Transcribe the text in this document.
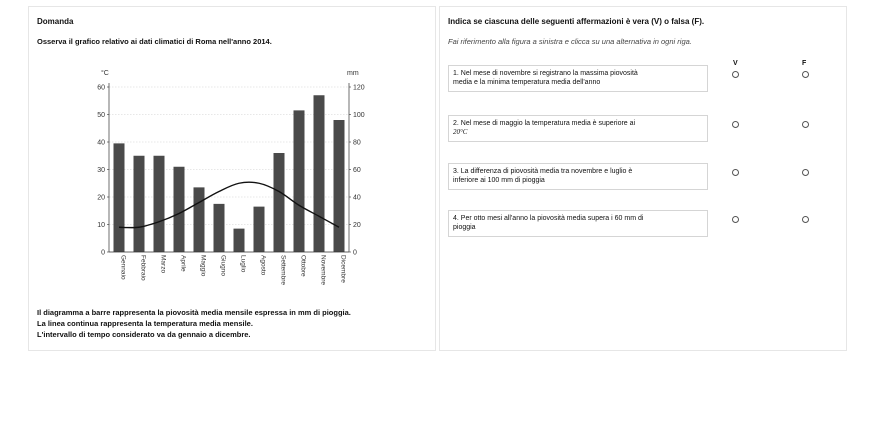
Domanda
Osserva il grafico relativo ai dati climatici di Roma nell'anno 2014.
0
10
20
30
40
50
60
0
20
40
60
80
100
120
°C	mm
Gennaio Febbraio Marzo Aprile Maggio Giugno Luglio Agosto Settembre Ottobre Novembre Dicembre
Il diagramma a barre rappresenta la piovosità media mensile espressa in mm di pioggia.
La linea continua rappresenta la temperatura media mensile.
L'intervallo di tempo considerato va da gennaio a dicembre.
Indica se ciascuna delle seguenti affermazioni è vera (V) o falsa (F).
Fai riferimento alla figura a sinistra e clicca su una alternativa in ogni riga.
V	F
1. Nel mese di novembre si registrano la massima piovosità
media e la minima temperatura media dell'anno
2. Nel mese di maggio la temperatura media è superiore ai
20°C
3. La differenza di piovosità media tra novembre e luglio è
inferiore ai 100 mm di pioggia
4. Per otto mesi all'anno la piovosità media supera i 60 mm di
pioggia
